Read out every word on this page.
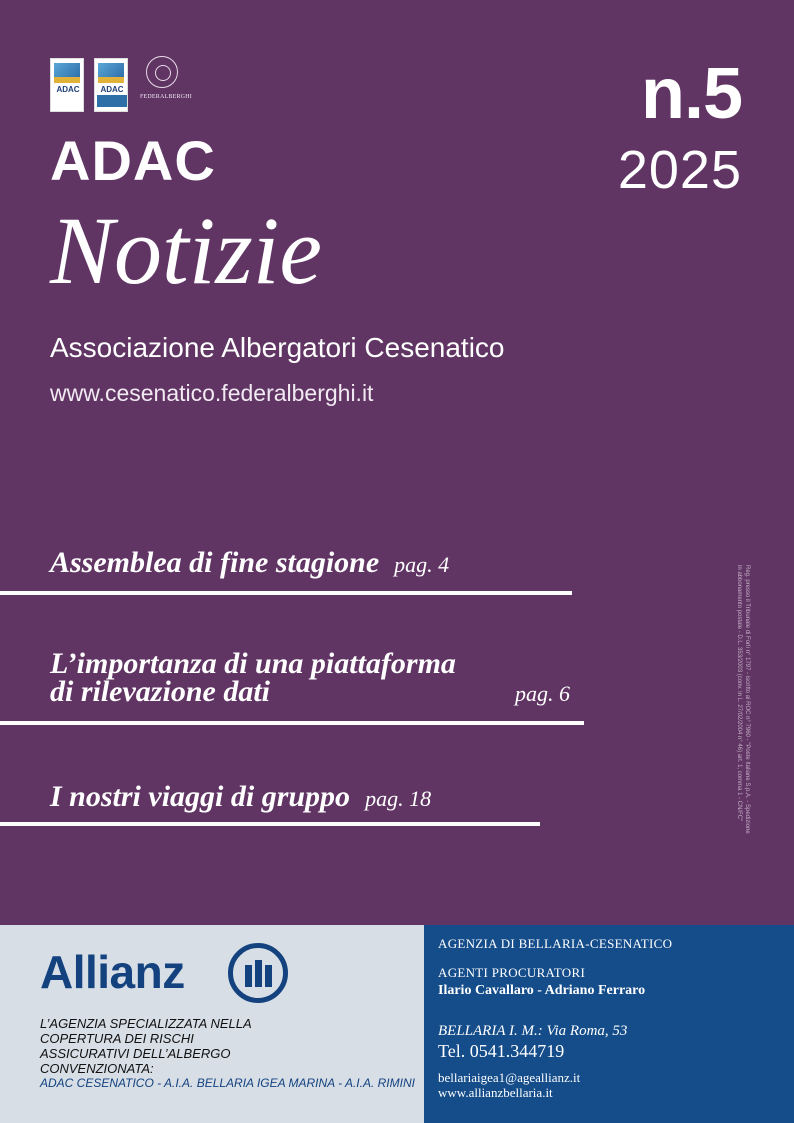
ADAC	ADAC
FEDERALBERGHI	n.5
2025
ADAC
Notizie
Associazione Albergatori Cesenatico
www.cesenatico.federalberghi.it
Assemblea di fine stagione pag. 4
L’importanza di una piattaforma
di rilevazione dati	pag. 6
I nostri viaggi di gruppo pag. 18	Reg. presso il Tribunale di Forlì n° 1797 - iscritto al ROC n° 7960 - "Poste Italiane S.p.A. - Spedizione
in abbonamento postale - D.L. 353/2003 (conv. in L. 27/02/2004 n° 46) art. 1, comma 1 - CN/FC"
Allianz
L’AGENZIA SPECIALIZZATA NELLA
COPERTURA DEI RISCHI
ASSICURATIVI DELL’ALBERGO
CONVENZIONATA:
ADAC CESENATICO - A.I.A. BELLARIA IGEA MARINA - A.I.A. RIMINI
AGENZIA DI BELLARIA-CESENATICO
AGENTI PROCURATORI
Ilario Cavallaro - Adriano Ferraro
BELLARIA I. M.: Via Roma, 53
Tel. 0541.344719
bellariaigea1@ageallianz.it
www.allianzbellaria.it
